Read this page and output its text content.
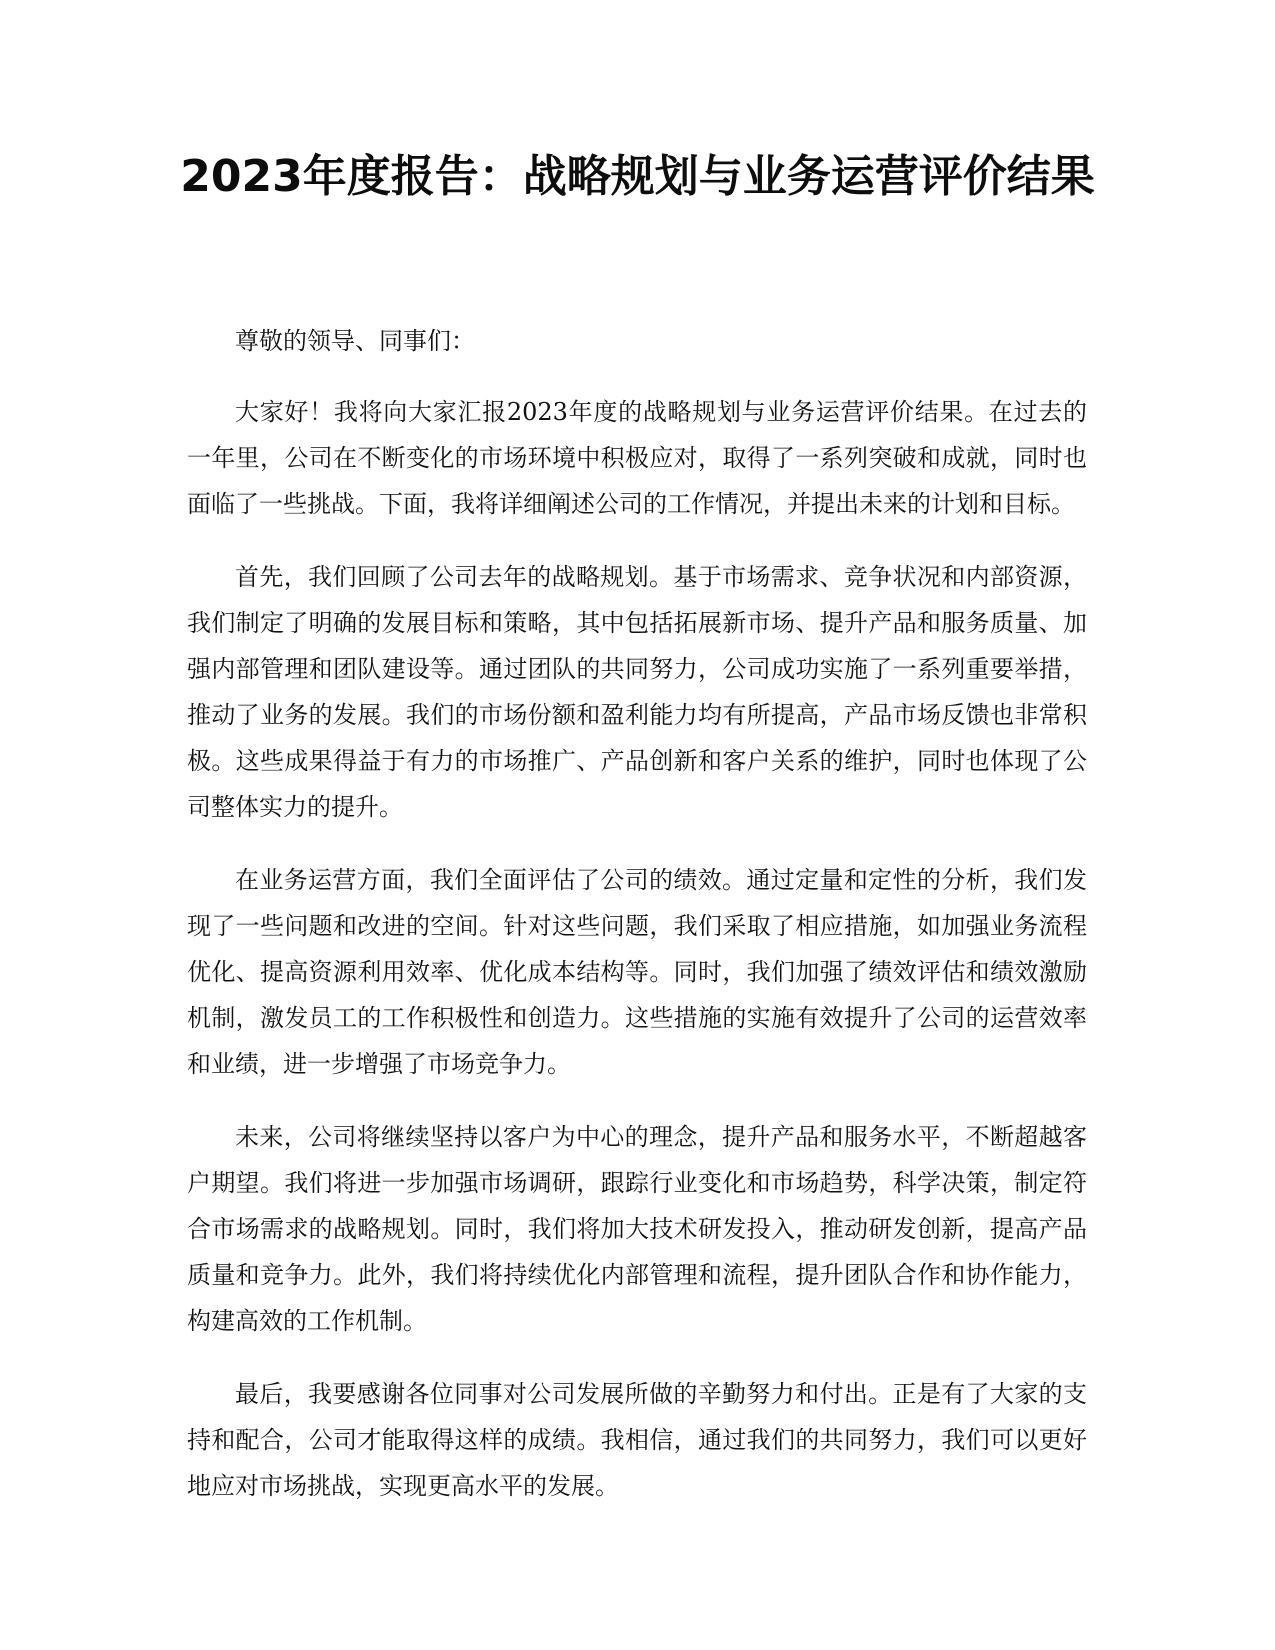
2023年度报告：战略规划与业务运营评价结果

尊敬的领导、同事们：

大家好！我将向大家汇报2023年度的战略规划与业务运营评价结果。在过去的一年里，公司在不断变化的市场环境中积极应对，取得了一系列突破和成就，同时也面临了一些挑战。下面，我将详细阐述公司的工作情况，并提出未来的计划和目标。

首先，我们回顾了公司去年的战略规划。基于市场需求、竞争状况和内部资源，我们制定了明确的发展目标和策略，其中包括拓展新市场、提升产品和服务质量、加强内部管理和团队建设等。通过团队的共同努力，公司成功实施了一系列重要举措，推动了业务的发展。我们的市场份额和盈利能力均有所提高，产品市场反馈也非常积极。这些成果得益于有力的市场推广、产品创新和客户关系的维护，同时也体现了公司整体实力的提升。

在业务运营方面，我们全面评估了公司的绩效。通过定量和定性的分析，我们发现了一些问题和改进的空间。针对这些问题，我们采取了相应措施，如加强业务流程优化、提高资源利用效率、优化成本结构等。同时，我们加强了绩效评估和绩效激励机制，激发员工的工作积极性和创造力。这些措施的实施有效提升了公司的运营效率和业绩，进一步增强了市场竞争力。

未来，公司将继续坚持以客户为中心的理念，提升产品和服务水平，不断超越客户期望。我们将进一步加强市场调研，跟踪行业变化和市场趋势，科学决策，制定符合市场需求的战略规划。同时，我们将加大技术研发投入，推动研发创新，提高产品质量和竞争力。此外，我们将持续优化内部管理和流程，提升团队合作和协作能力，构建高效的工作机制。

最后，我要感谢各位同事对公司发展所做的辛勤努力和付出。正是有了大家的支持和配合，公司才能取得这样的成绩。我相信，通过我们的共同努力，我们可以更好地应对市场挑战，实现更高水平的发展。
